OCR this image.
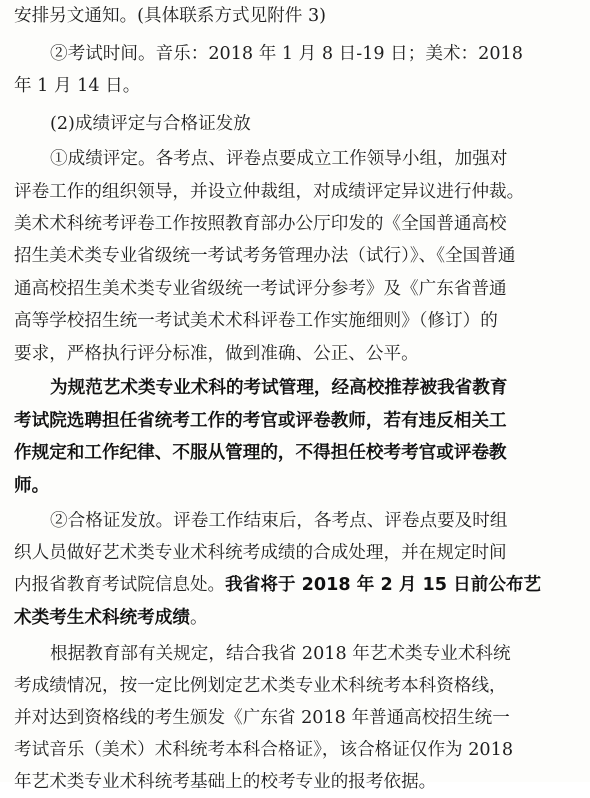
安排另文通知。(具体联系方式见附件 3)
②考试时间。音乐：2018 年 1 月 8 日-19 日；美术：2018
年 1 月 14 日。
(2)成绩评定与合格证发放
①成绩评定。各考点、评卷点要成立工作领导小组，加强对
评卷工作的组织领导，并设立仲裁组，对成绩评定异议进行仲裁。
美术术科统考评卷工作按照教育部办公厅印发的《全国普通高校
招生美术类专业省级统一考试考务管理办法（试行）》、《全国普通
通高校招生美术类专业省级统一考试评分参考》及《广东省普通
高等学校招生统一考试美术术科评卷工作实施细则》（修订）的
要求，严格执行评分标准，做到准确、公正、公平。
为规范艺术类专业术科的考试管理，经高校推荐被我省教育
考试院选聘担任省统考工作的考官或评卷教师，若有违反相关工
作规定和工作纪律、不服从管理的，不得担任校考考官或评卷教
师。
②合格证发放。评卷工作结束后，各考点、评卷点要及时组
织人员做好艺术类专业术科统考成绩的合成处理，并在规定时间
内报省教育考试院信息处。我省将于 2018 年 2 月 15 日前公布艺
术类考生术科统考成绩。
根据教育部有关规定，结合我省 2018 年艺术类专业术科统
考成绩情况，按一定比例划定艺术类专业术科统考本科资格线，
并对达到资格线的考生颁发《广东省 2018 年普通高校招生统一
考试音乐（美术）术科统考本科合格证》，该合格证仅作为 2018
年艺术类专业术科统考基础上的校考专业的报考依据。
